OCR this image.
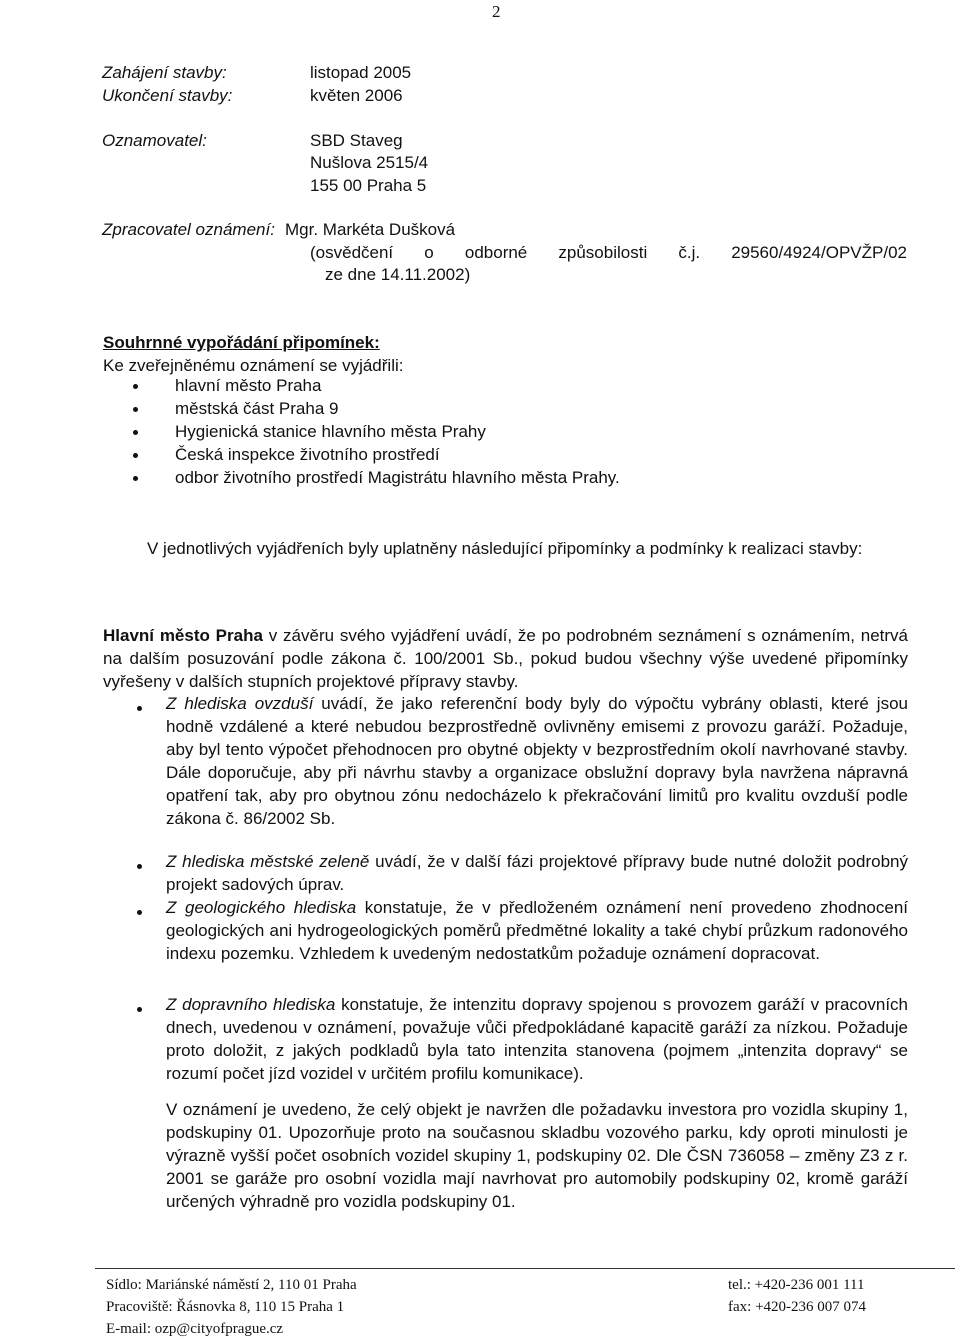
2
Zahájení stavby:	listopad 2005
Ukončení stavby:	květen 2006
Oznamovatel:	SBD Staveg
Nušlova 2515/4
155 00 Praha 5
Zpracovatel oznámení: Mgr. Markéta Dušková
(osvědčení o odborné způsobilosti č.j. 29560/4924/OPVŽP/02
ze dne 14.11.2002)
Souhrnné vypořádání připomínek:
Ke zveřejněnému oznámení se vyjádřili:
hlavní město Praha
městská část Praha 9
Hygienická stanice hlavního města Prahy
Česká inspekce životního prostředí
odbor životního prostředí Magistrátu hlavního města Prahy.
V jednotlivých vyjádřeních byly uplatněny následující připomínky a podmínky k realizaci stavby:
Hlavní město Praha v závěru svého vyjádření uvádí, že po podrobném seznámení s oznámením, netrvá na dalším posuzování podle zákona č. 100/2001 Sb., pokud budou všechny výše uvedené připomínky vyřešeny v dalších stupních projektové přípravy stavby.
Z hlediska ovzduší uvádí, že jako referenční body byly do výpočtu vybrány oblasti, které jsou hodně vzdálené a které nebudou bezprostředně ovlivněny emisemi z provozu garáží. Požaduje, aby byl tento výpočet přehodnocen pro obytné objekty v bezprostředním okolí navrhované stavby. Dále doporučuje, aby při návrhu stavby a organizace obslužní dopravy byla navržena nápravná opatření tak, aby pro obytnou zónu nedocházelo k překračování limitů pro kvalitu ovzduší podle zákona č. 86/2002 Sb.
Z hlediska městské zeleně uvádí, že v další fázi projektové přípravy bude nutné doložit podrobný projekt sadových úprav.
Z geologického hlediska konstatuje, že v předloženém oznámení není provedeno zhodnocení geologických ani hydrogeologických poměrů předmětné lokality a také chybí průzkum radonového indexu pozemku. Vzhledem k uvedeným nedostatkům požaduje oznámení dopracovat.
Z dopravního hlediska konstatuje, že intenzitu dopravy spojenou s provozem garáží v pracovních dnech, uvedenou v oznámení, považuje vůči předpokládané kapacitě garáží za nízkou. Požaduje proto doložit, z jakých podkladů byla tato intenzita stanovena (pojmem „intenzita dopravy“ se rozumí počet jízd vozidel v určitém profilu komunikace).
V oznámení je uvedeno, že celý objekt je navržen dle požadavku investora pro vozidla skupiny 1, podskupiny 01. Upozorňuje proto na současnou skladbu vozového parku, kdy oproti minulosti je výrazně vyšší počet osobních vozidel skupiny 1, podskupiny 02. Dle ČSN 736058 – změny Z3 z r. 2001 se garáže pro osobní vozidla mají navrhovat pro automobily podskupiny 02, kromě garáží určených výhradně pro vozidla podskupiny 01.
Sídlo: Mariánské náměstí 2, 110 01 Praha
Pracoviště: Řásnovka 8, 110 15 Praha 1
E-mail: ozp@cityofprague.cz
tel.: +420-236 001 111
fax: +420-236 007 074
